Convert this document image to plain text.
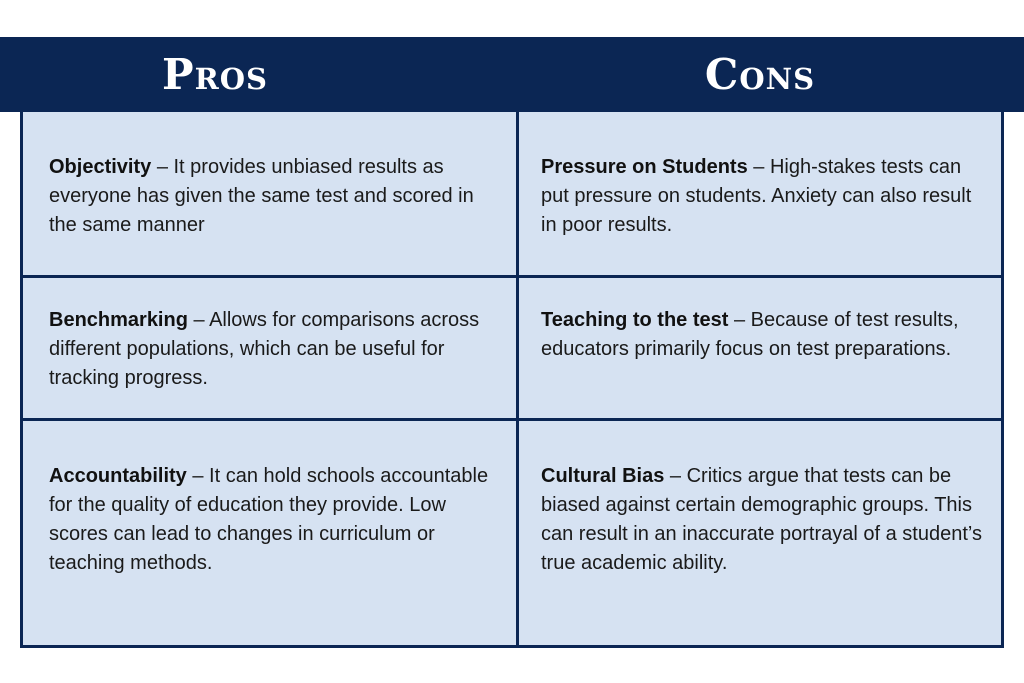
Pros	Cons
Objectivity – It provides unbiased results as everyone has given the same test and scored in the same manner
Pressure on Students – High-stakes tests can put pressure on students. Anxiety can also result in poor results.
Benchmarking – Allows for comparisons across different populations, which can be useful for tracking progress.
Teaching to the test – Because of test results, educators primarily focus on test preparations.
Accountability – It can hold schools accountable for the quality of education they provide. Low scores can lead to changes in curriculum or teaching methods.
Cultural Bias – Critics argue that tests can be biased against certain demographic groups. This can result in an inaccurate portrayal of a student’s true academic ability.
